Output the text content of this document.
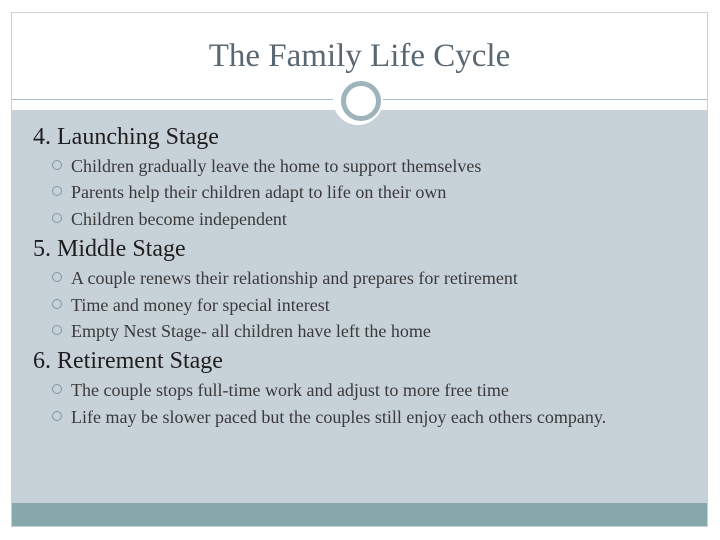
The Family Life Cycle
4. Launching Stage
Children gradually leave the home to support themselves
Parents help their children adapt to life on their own
Children become independent
5. Middle Stage
A couple renews their relationship and prepares for retirement
Time and money for special interest
Empty Nest Stage- all children have left the home
6. Retirement Stage
The couple stops full-time work and adjust to more free time
Life may be slower paced but the couples still enjoy each others company.
